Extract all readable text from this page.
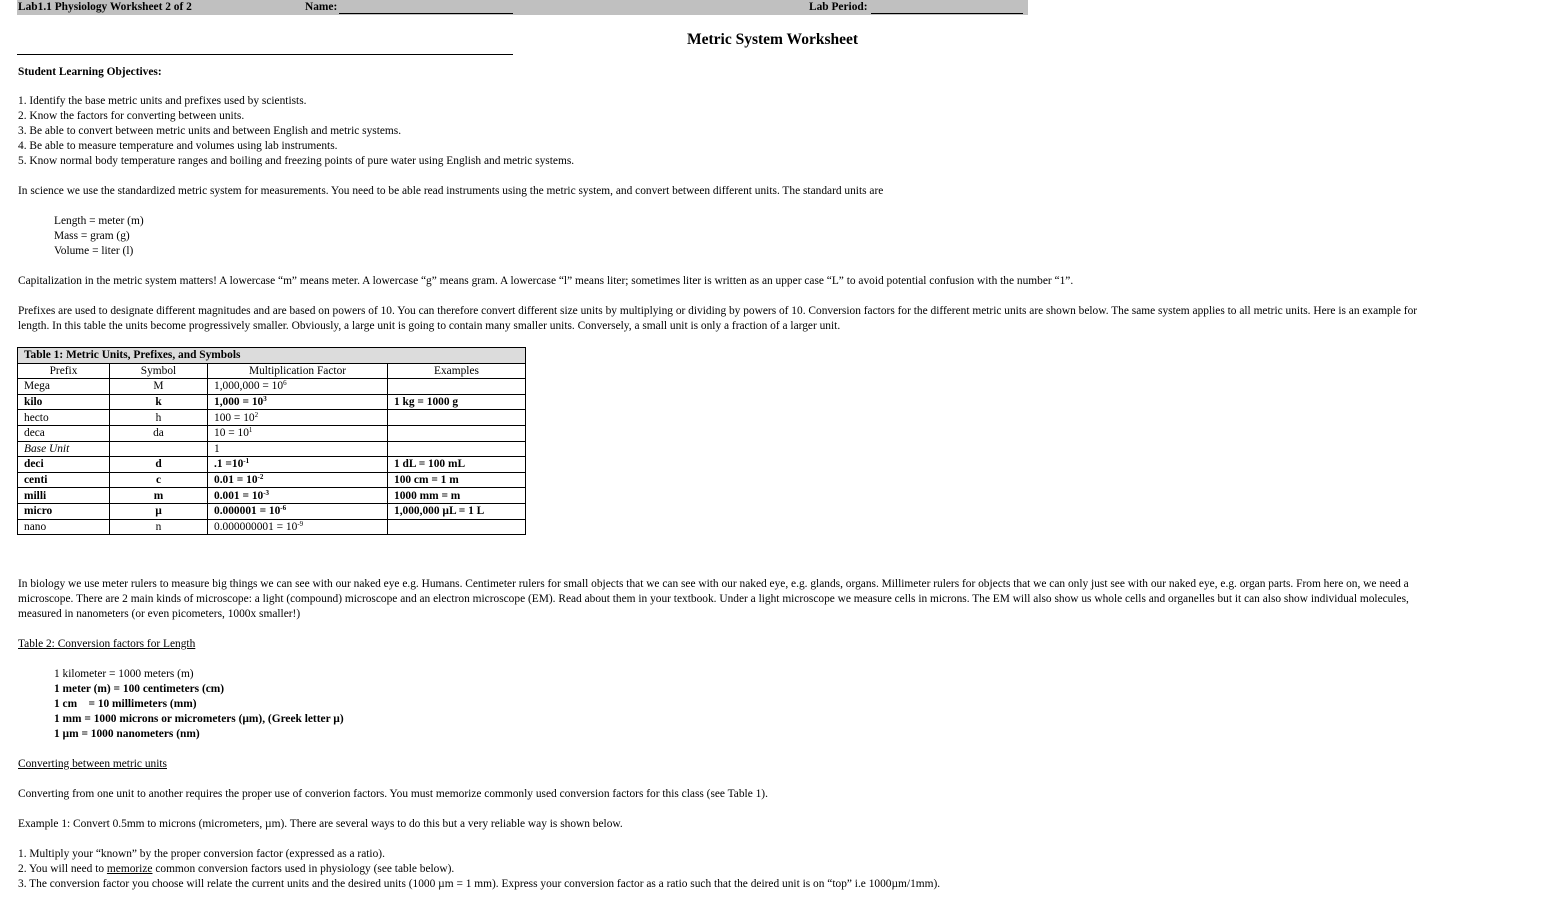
Lab1.1 Physiology Worksheet 2 of 2	Name:	Lab Period:
Metric System Worksheet
Student Learning Objectives:
1. Identify the base metric units and prefixes used by scientists.
2. Know the factors for converting between units.
3. Be able to convert between metric units and between English and metric systems.
4. Be able to measure temperature and volumes using lab instruments.
5. Know normal body temperature ranges and boiling and freezing points of pure water using English and metric systems.
In science we use the standardized metric system for measurements. You need to be able read instruments using the metric system, and convert between different units. The standard units are
Length = meter (m)
Mass = gram (g)
Volume = liter (l)
Capitalization in the metric system matters! A lowercase “m” means meter. A lowercase “g” means gram. A lowercase “l” means liter; sometimes liter is written as an upper case “L” to avoid potential confusion with the number “1”.
Prefixes are used to designate different magnitudes and are based on powers of 10. You can therefore convert different size units by multiplying or dividing by powers of 10. Conversion factors for the different metric units are shown below. The same system applies to all metric units. Here is an example for
length. In this table the units become progressively smaller. Obviously, a large unit is going to contain many smaller units. Conversely, a small unit is only a fraction of a larger unit.
Table 1: Metric Units, Prefixes, and Symbols			
Prefix	Symbol	Multiplication Factor	Examples
Mega	M	$1,000,000 = 10^6$	
kilo	k	$1,000 = 10^3$	1 kg = 1000 g
hecto	h	$100 = 10^2$	
deca	da	$10 = 10^1$	
Base Unit		1	
deci	d	$.1 =10^{-1}$	1 dL = 100 mL
centi	c	$0.01 = 10^{-2}$	100 cm = 1 m
milli	m	$0.001 = 10^{-3}$	1000 mm = m
micro	µ	$0.000001 = 10^{-6}$	1,000,000 µL = 1 L
nano	n	$0.000000001 = 10^{-9}$	
In biology we use meter rulers to measure big things we can see with our naked eye e.g. Humans. Centimeter rulers for small objects that we can see with our naked eye, e.g. glands, organs. Millimeter rulers for objects that we can only just see with our naked eye, e.g. organ parts. From here on, we need a
microscope. There are 2 main kinds of microscope: a light (compound) microscope and an electron microscope (EM). Read about them in your textbook. Under a light microscope we measure cells in microns. The EM will also show us whole cells and organelles but it can also show individual molecules,
measured in nanometers (or even picometers, 1000x smaller!)
Table 2: Conversion factors for Length
1 kilometer = 1000 meters (m)
1 meter (m) = 100 centimeters (cm)
1 cm    = 10 millimeters (mm)
1 mm = 1000 microns or micrometers (µm), (Greek letter µ)
1 µm = 1000 nanometers (nm)
Converting between metric units
Converting from one unit to another requires the proper use of converion factors. You must memorize commonly used conversion factors for this class (see Table 1).
Example 1: Convert 0.5mm to microns (micrometers, µm). There are several ways to do this but a very reliable way is shown below.
1. Multiply your “known” by the proper conversion factor (expressed as a ratio).
2. You will need to memorize common conversion factors used in physiology (see table below).
3. The conversion factor you choose will relate the current units and the desired units (1000 µm = 1 mm). Express your conversion factor as a ratio such that the deired unit is on “top” i.e 1000µm/1mm).
